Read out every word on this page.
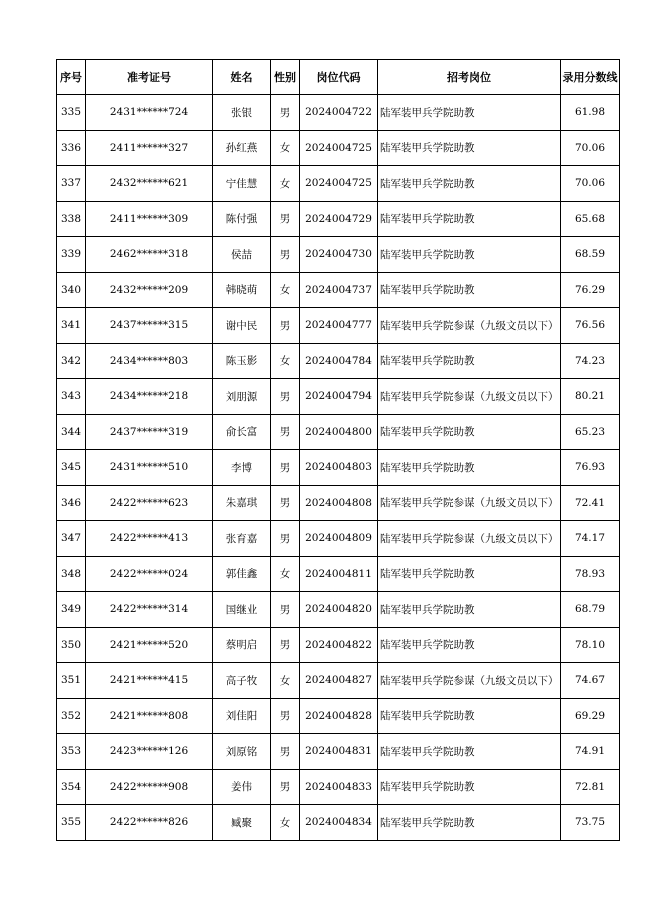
序号	准考证号	姓名	性别	岗位代码	招考岗位	录用分数线
335	2431******724	张银	男	2024004722	陆军装甲兵学院助教	61.98
336	2411******327	孙红燕	女	2024004725	陆军装甲兵学院助教	70.06
337	2432******621	宁佳慧	女	2024004725	陆军装甲兵学院助教	70.06
338	2411******309	陈付强	男	2024004729	陆军装甲兵学院助教	65.68
339	2462******318	侯喆	男	2024004730	陆军装甲兵学院助教	68.59
340	2432******209	韩晓萌	女	2024004737	陆军装甲兵学院助教	76.29
341	2437******315	谢中民	男	2024004777	陆军装甲兵学院参谋（九级文员以下）	76.56
342	2434******803	陈玉影	女	2024004784	陆军装甲兵学院助教	74.23
343	2434******218	刘朋源	男	2024004794	陆军装甲兵学院参谋（九级文员以下）	80.21
344	2437******319	俞长富	男	2024004800	陆军装甲兵学院助教	65.23
345	2431******510	李博	男	2024004803	陆军装甲兵学院助教	76.93
346	2422******623	朱嘉琪	男	2024004808	陆军装甲兵学院参谋（九级文员以下）	72.41
347	2422******413	张育嘉	男	2024004809	陆军装甲兵学院参谋（九级文员以下）	74.17
348	2422******024	郭佳鑫	女	2024004811	陆军装甲兵学院助教	78.93
349	2422******314	国继业	男	2024004820	陆军装甲兵学院助教	68.79
350	2421******520	蔡明启	男	2024004822	陆军装甲兵学院助教	78.10
351	2421******415	高子牧	女	2024004827	陆军装甲兵学院参谋（九级文员以下）	74.67
352	2421******808	刘佳阳	男	2024004828	陆军装甲兵学院助教	69.29
353	2423******126	刘原铭	男	2024004831	陆军装甲兵学院助教	74.91
354	2422******908	姜伟	男	2024004833	陆军装甲兵学院助教	72.81
355	2422******826	臧聚	女	2024004834	陆军装甲兵学院助教	73.75
